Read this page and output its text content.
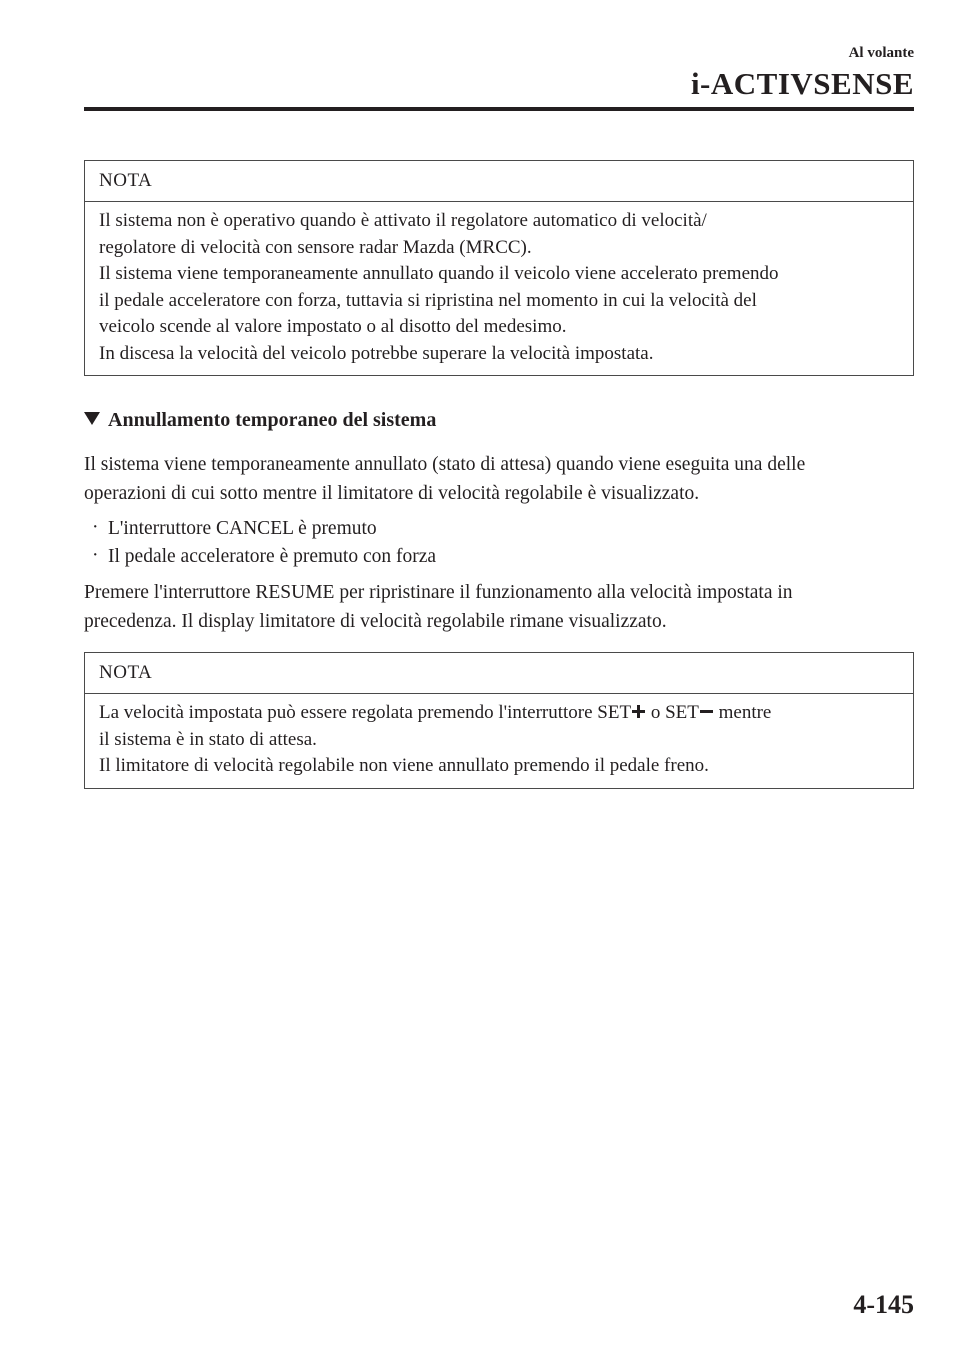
Al volante
i-ACTIVSENSE
NOTA

Il sistema non è operativo quando è attivato il regolatore automatico di velocità/

regolatore di velocità con sensore radar Mazda (MRCC).

Il sistema viene temporaneamente annullato quando il veicolo viene accelerato premendo

il pedale acceleratore con forza, tuttavia si ripristina nel momento in cui la velocità del

veicolo scende al valore impostato o al disotto del medesimo.

In discesa la velocità del veicolo potrebbe superare la velocità impostata.

Annullamento temporaneo del sistema
Il sistema viene temporaneamente annullato (stato di attesa) quando viene eseguita una delle
operazioni di cui sotto mentre il limitatore di velocità regolabile è visualizzato.
· L'interruttore CANCEL è premuto
· Il pedale acceleratore è premuto con forza
Premere l'interruttore RESUME per ripristinare il funzionamento alla velocità impostata in
precedenza. Il display limitatore di velocità regolabile rimane visualizzato.
NOTA

La velocità impostata può essere regolata premendo l'interruttore SET o SET mentre

il sistema è in stato di attesa.

Il limitatore di velocità regolabile non viene annullato premendo il pedale freno.

4-145
